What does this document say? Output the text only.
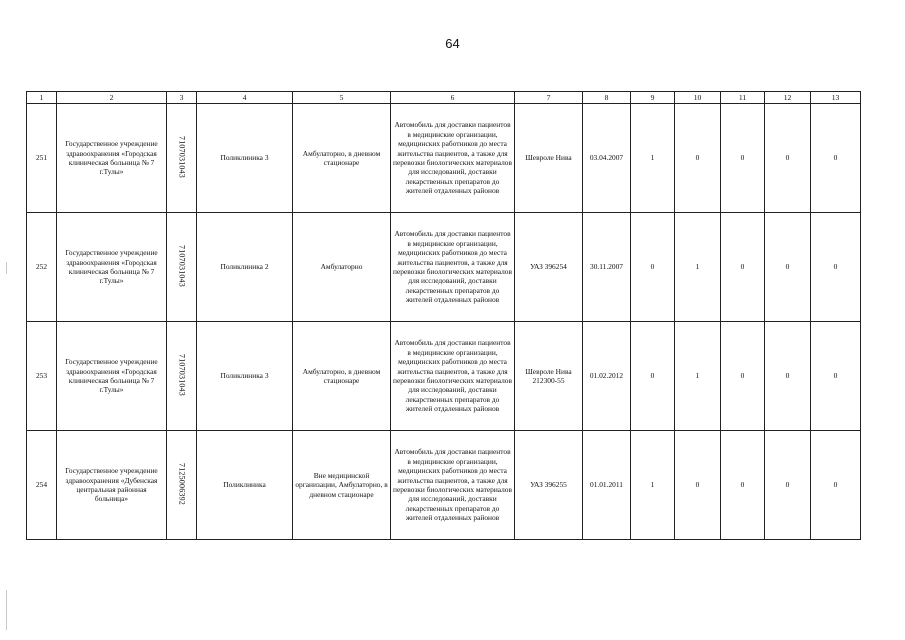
64
1	2	3	4	5	6	7	8	9	10	11	12	13
251	Государственное учреждение здравоохранения «Городская клиническая больница № 7 г.Тулы»	7107031043	Поликлиника 3	Амбулаторно, в дневном стационаре	Автомобиль для доставки пациентов в медицинские организации, медицинских работников до места жительства пациентов, а также для перевозки биологических материалов для исследований, доставки лекарственных препаратов до жителей отдаленных районов	Шевроле Нива	03.04.2007	1	0	0	0	0
252	Государственное учреждение здравоохранения «Городская клиническая больница № 7 г.Тулы»	7107031043	Поликлиника 2	Амбулаторно	Автомобиль для доставки пациентов в медицинские организации, медицинских работников до места жительства пациентов, а также для перевозки биологических материалов для исследований, доставки лекарственных препаратов до жителей отдаленных районов	УАЗ 396254	30.11.2007	0	1	0	0	0
253	Государственное учреждение здравоохранения «Городская клиническая больница № 7 г.Тулы»	7107031043	Поликлиника 3	Амбулаторно, в дневном стационаре	Автомобиль для доставки пациентов в медицинские организации, медицинских работников до места жительства пациентов, а также для перевозки биологических материалов для исследований, доставки лекарственных препаратов до жителей отдаленных районов	Шевроле Нива 212300-55	01.02.2012	0	1	0	0	0
254	Государственное учреждение здравоохранения «Дубенская центральная районная больница»	7125006392	Поликлиника	Вне медицинской организации, Амбулаторно, в дневном стационаре	Автомобиль для доставки пациентов в медицинские организации, медицинских работников до места жительства пациентов, а также для перевозки биологических материалов для исследований, доставки лекарственных препаратов до жителей отдаленных районов	УАЗ 396255	01.01.2011	1	0	0	0	0
